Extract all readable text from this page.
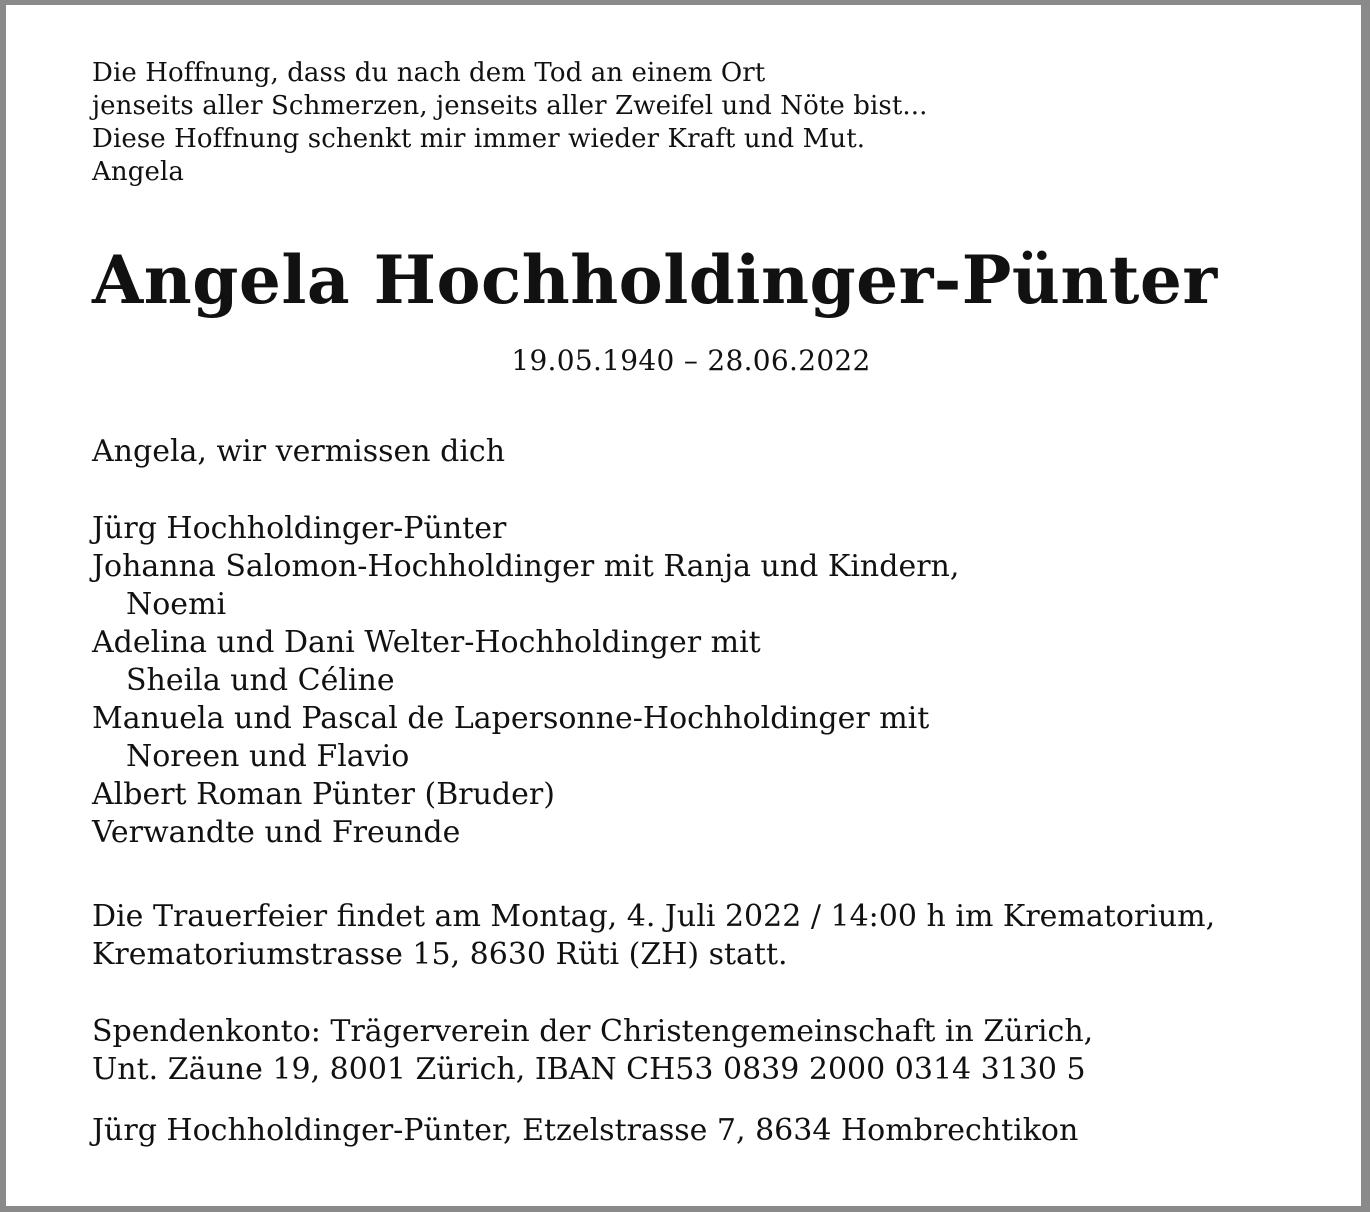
Die Hoffnung, dass du nach dem Tod an einem Ort
jenseits aller Schmerzen, jenseits aller Zweifel und Nöte bist...
Diese Hoffnung schenkt mir immer wieder Kraft und Mut.
Angela
Angela Hochholdinger-Pünter
19.05.1940 – 28.06.2022
Angela, wir vermissen dich
Jürg Hochholdinger-Pünter
Johanna Salomon-Hochholdinger mit Ranja und Kindern,
Noemi
Adelina und Dani Welter-Hochholdinger mit
Sheila und Céline
Manuela und Pascal de Lapersonne-Hochholdinger mit
Noreen und Flavio
Albert Roman Pünter (Bruder)
Verwandte und Freunde
Die Trauerfeier findet am Montag, 4. Juli 2022 / 14:00 h im Krematorium,
Krematoriumstrasse 15, 8630 Rüti (ZH) statt.
Spendenkonto: Trägerverein der Christengemeinschaft in Zürich,
Unt. Zäune 19, 8001 Zürich, IBAN CH53 0839 2000 0314 3130 5
Jürg Hochholdinger-Pünter, Etzelstrasse 7, 8634 Hombrechtikon
